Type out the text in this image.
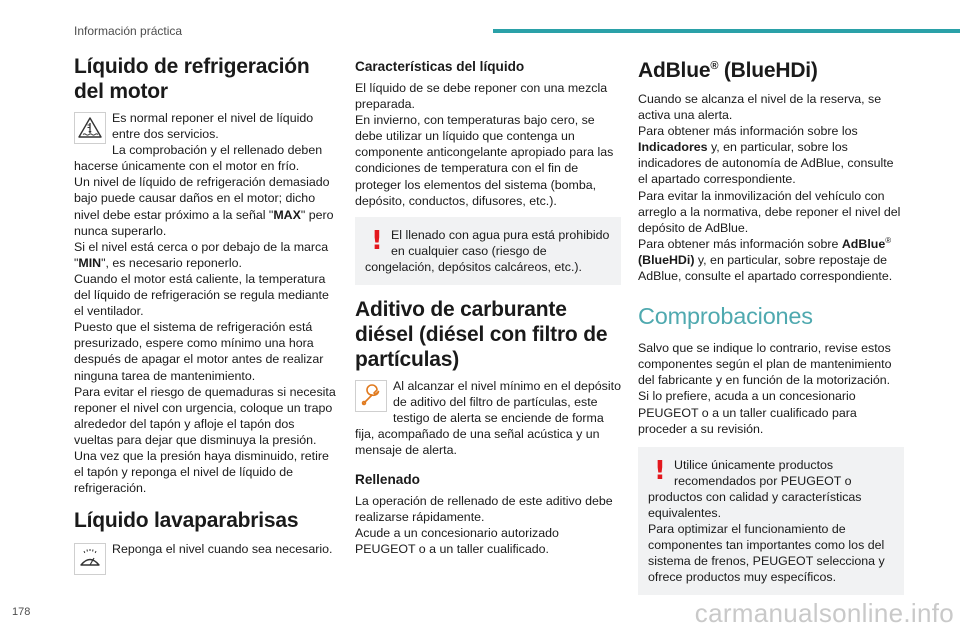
Información práctica
Líquido de refrigeración del motor

Es normal reponer el nivel de líquido entre dos servicios.

La comprobación y el rellenado deben hacerse únicamente con el motor en frío.

Un nivel de líquido de refrigeración demasiado bajo puede causar daños en el motor; dicho nivel debe estar próximo a la señal "MAX" pero nunca superarlo.

Si el nivel está cerca o por debajo de la marca "MIN", es necesario reponerlo.

Cuando el motor está caliente, la temperatura del líquido de refrigeración se regula mediante el ventilador.

Puesto que el sistema de refrigeración está presurizado, espere como mínimo una hora después de apagar el motor antes de realizar ninguna tarea de mantenimiento.

Para evitar el riesgo de quemaduras si necesita reponer el nivel con urgencia, coloque un trapo alrededor del tapón y afloje el tapón dos vueltas para dejar que disminuya la presión.

Una vez que la presión haya disminuido, retire el tapón y reponga el nivel de líquido de refrigeración.

Líquido lavaparabrisas

Reponga el nivel cuando sea necesario.

Características del líquido

El líquido de se debe reponer con una mezcla preparada.

En invierno, con temperaturas bajo cero, se debe utilizar un líquido que contenga un componente anticongelante apropiado para las condiciones de temperatura con el fin de proteger los elementos del sistema (bomba, depósito, conductos, difusores, etc.).

! El llenado con agua pura está prohibido en cualquier caso (riesgo de congelación, depósitos calcáreos, etc.).

Aditivo de carburante diésel (diésel con filtro de partículas)

Al alcanzar el nivel mínimo en el depósito de aditivo del filtro de partículas, este testigo de alerta se enciende de forma fija, acompañado de una señal acústica y un mensaje de alerta.

Rellenado

La operación de rellenado de este aditivo debe realizarse rápidamente.

Acude a un concesionario autorizado PEUGEOT o a un taller cualificado.

AdBlue® (BlueHDi)

Cuando se alcanza el nivel de la reserva, se activa una alerta.

Para obtener más información sobre los Indicadores y, en particular, sobre los indicadores de autonomía de AdBlue, consulte el apartado correspondiente.

Para evitar la inmovilización del vehículo con arreglo a la normativa, debe reponer el nivel del depósito de AdBlue.

Para obtener más información sobre AdBlue® (BlueHDi) y, en particular, sobre repostaje de AdBlue, consulte el apartado correspondiente.

Comprobaciones

Salvo que se indique lo contrario, revise estos componentes según el plan de mantenimiento del fabricante y en función de la motorización.

Si lo prefiere, acuda a un concesionario PEUGEOT o a un taller cualificado para proceder a su revisión.

! Utilice únicamente productos recomendados por PEUGEOT o productos con calidad y características equivalentes.

Para optimizar el funcionamiento de componentes tan importantes como los del sistema de frenos, PEUGEOT selecciona y ofrece productos muy específicos.

178	carmanualsonline.info
